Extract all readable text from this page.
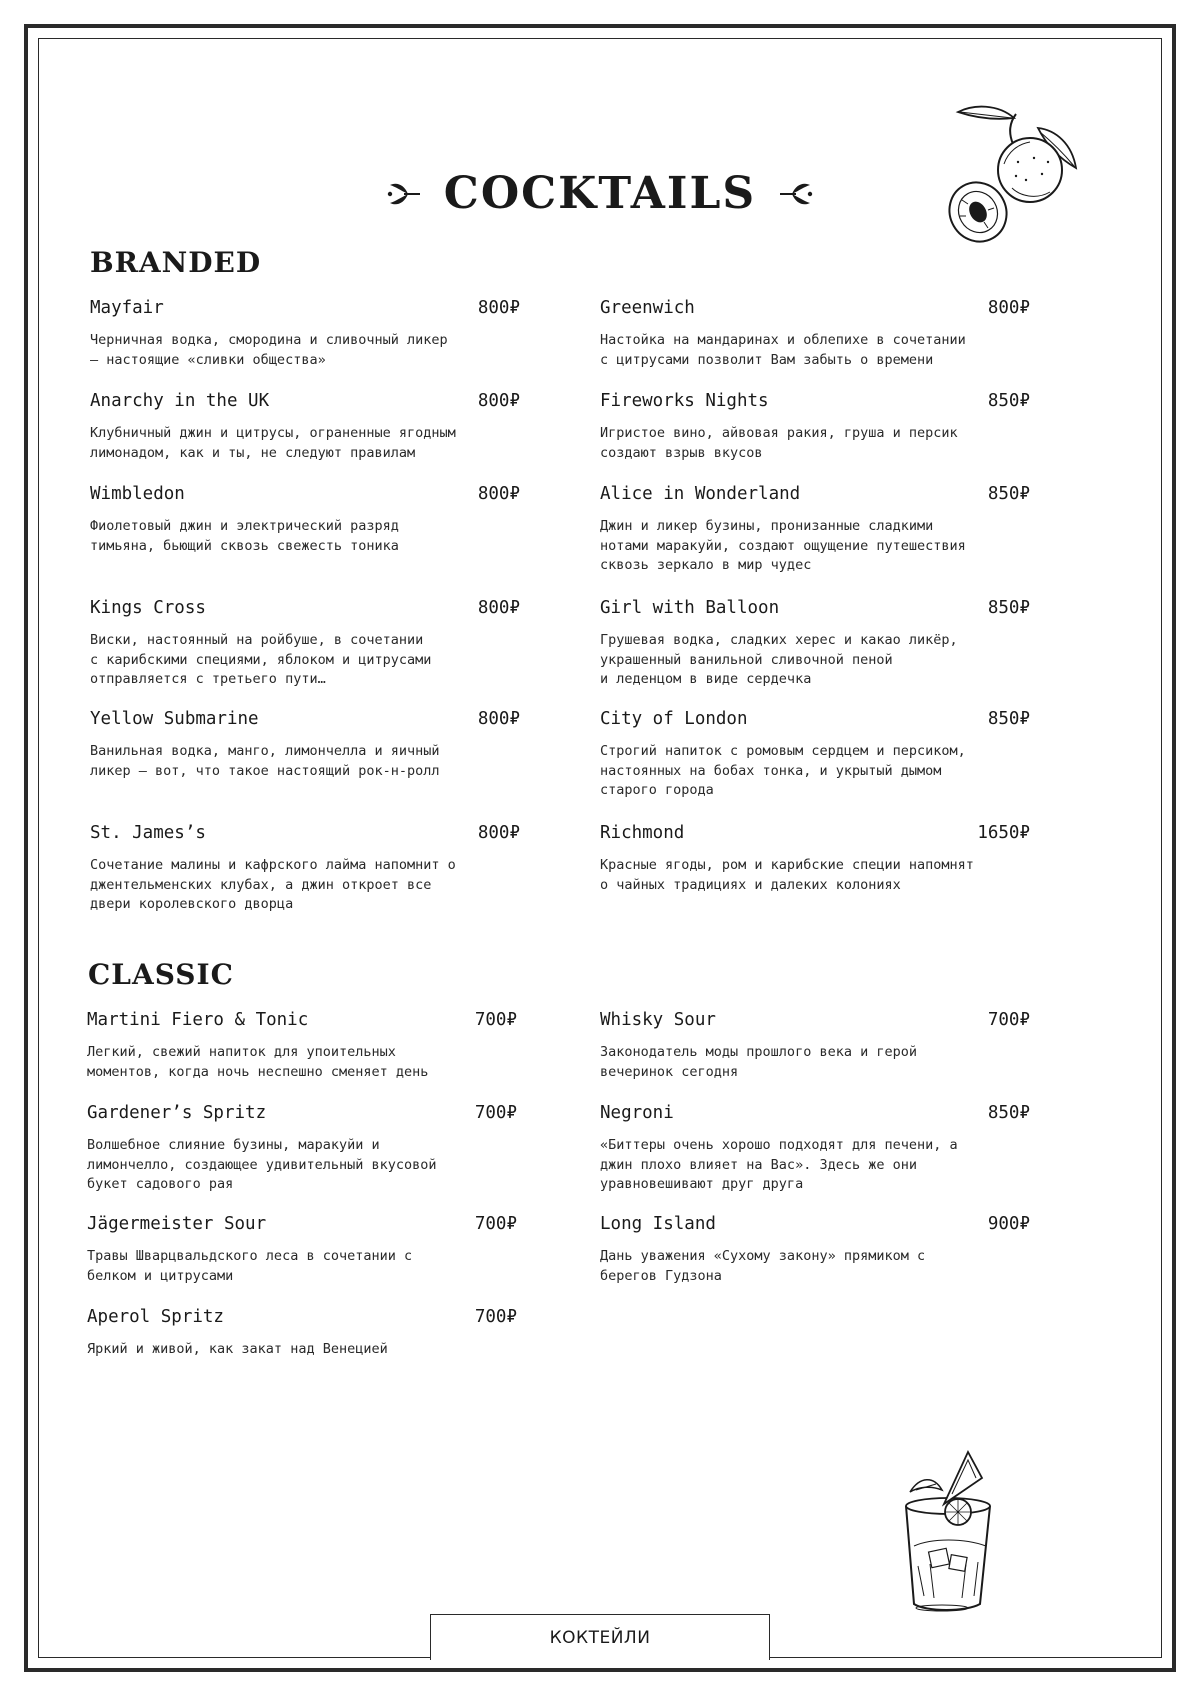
COCKTAILS
BRANDED
Mayfair	800₽
Черничная водка, смородина и сливочный ликер
— настоящие «сливки общества»
Anarchy in the UK	800₽
Клубничный джин и цитрусы, ограненные ягодным
лимонадом, как и ты, не следуют правилам
Wimbledon	800₽
Фиолетовый джин и электрический разряд
тимьяна, бьющий сквозь свежесть тоника
Kings Cross	800₽
Виски, настоянный на ройбуше, в сочетании
с карибскими специями, яблоком и цитрусами
отправляется с третьего пути…
Yellow Submarine	800₽
Ванильная водка, манго, лимончелла и яичный
ликер — вот, что такое настоящий рок-н-ролл
St. James’s	800₽
Сочетание малины и кафрского лайма напомнит о
джентельменских клубах, а джин откроет все
двери королевского дворца
Greenwich	800₽
Настойка на мандаринах и облепихе в сочетании
с цитрусами позволит Вам забыть о времени
Fireworks Nights	850₽
Игристое вино, айвовая ракия, груша и персик
создают взрыв вкусов
Alice in Wonderland	850₽
Джин и ликер бузины, пронизанные сладкими
нотами маракуйи, создают ощущение путешествия
сквозь зеркало в мир чудес
Girl with Balloon	850₽
Грушевая водка, сладких херес и какао ликёр,
украшенный ванильной сливочной пеной
и леденцом в виде сердечка
City of London	850₽
Строгий напиток с ромовым сердцем и персиком,
настоянных на бобах тонка, и укрытый дымом
старого города
Richmond	1650₽
Красные ягоды, ром и карибские специи напомнят
о чайных традициях и далеких колониях
CLASSIC
Martini Fiero & Tonic	700₽
Легкий, свежий напиток для упоительных
моментов, когда ночь неспешно сменяет день
Gardener’s Spritz	700₽
Волшебное слияние бузины, маракуйи и
лимончелло, создающее удивительный вкусовой
букет садового рая
Jägermeister Sour	700₽
Травы Шварцвальдского леса в сочетании с
белком и цитрусами
Aperol Spritz	700₽
Яркий и живой, как закат над Венецией
Whisky Sour	700₽
Законодатель моды прошлого века и герой
вечеринок сегодня
Negroni	850₽
«Биттеры очень хорошо подходят для печени, а
джин плохо влияет на Вас». Здесь же они
уравновешивают друг друга
Long Island	900₽
Дань уважения «Сухому закону» прямиком с
берегов Гудзона
КОКТЕЙЛИ
